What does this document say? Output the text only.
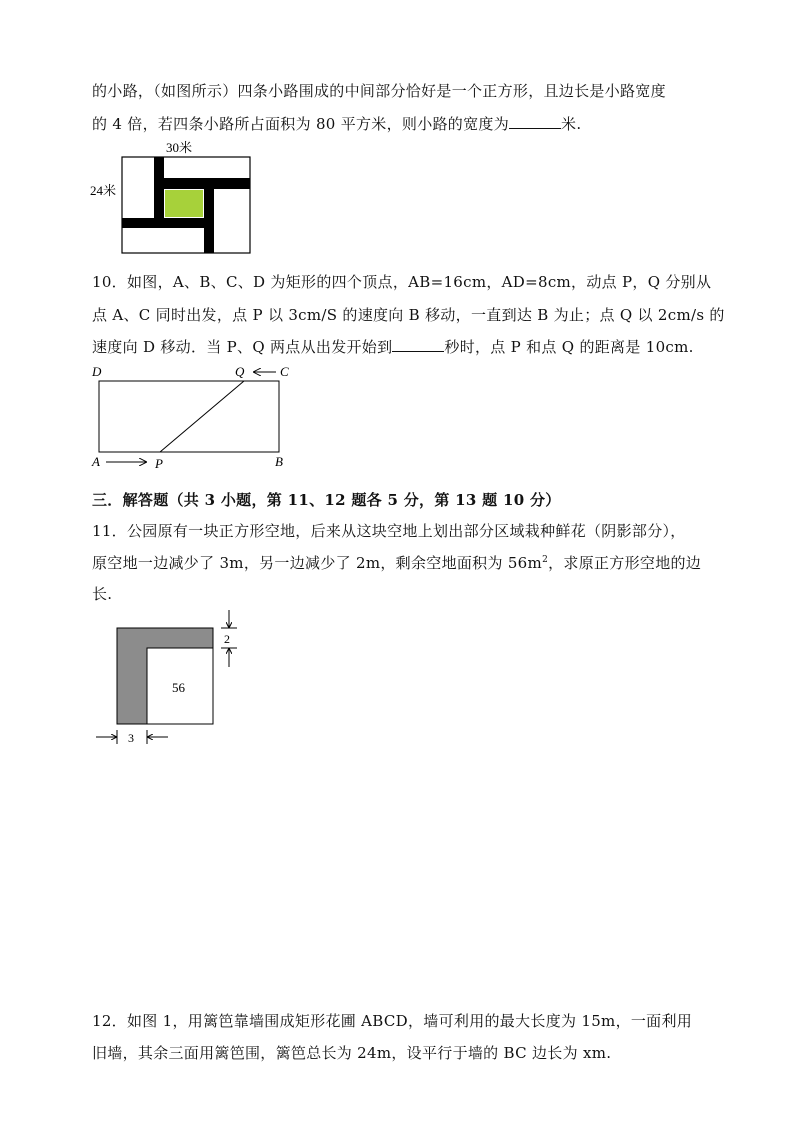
的小路，（如图所示）四条小路围成的中间部分恰好是一个正方形，且边长是小路宽度
的 4 倍，若四条小路所占面积为 80 平方米，则小路的宽度为	米.
30米
24米
10．如图，A、B、C、D 为矩形的四个顶点，AB=16cm，AD=8cm，动点 P，Q 分别从
点 A、C 同时出发，点 P 以 3cm/S 的速度向 B 移动，一直到达 B 为止；点 Q 以 2cm/s 的
速度向 D 移动．当 P、Q 两点从出发开始到	秒时，点 P 和点 Q 的距离是 10cm.
D	Q	C
A	P	B
三．解答题（共 3 小题，第 11、12 题各 5 分，第 13 题 10 分）
11．公园原有一块正方形空地，后来从这块空地上划出部分区域栽种鲜花（阴影部分），
原空地一边减少了 3m，另一边减少了 2m，剩余空地面积为 $56m^2$，求原正方形空地的边
长.
56
2
3
12．如图 1，用篱笆靠墙围成矩形花圃 ABCD，墙可利用的最大长度为 15m，一面利用
旧墙，其余三面用篱笆围，篱笆总长为 24m，设平行于墙的 BC 边长为 xm.
